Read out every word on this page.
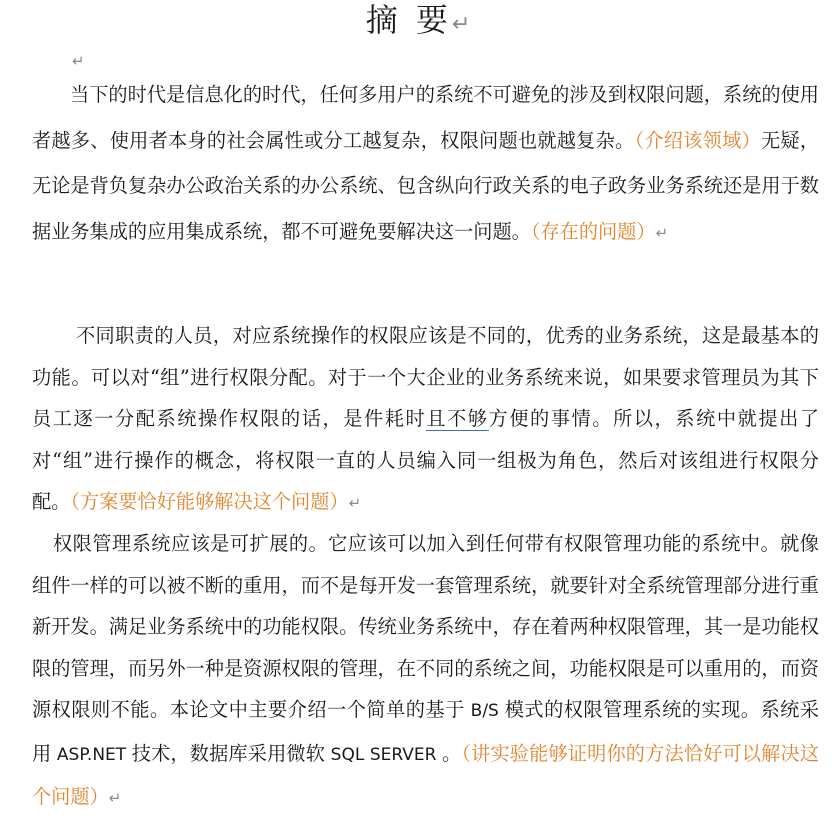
摘 要↵
↵

当下的时代是信息化的时代，任何多用户的系统不可避免的涉及到权限问题，系统的使用者越多、使用者本身的社会属性或分工越复杂，权限问题也就越复杂。（介绍该领域）无疑，无论是背负复杂办公政治关系的办公系统、包含纵向行政关系的电子政务业务系统还是用于数据业务集成的应用集成系统，都不可避免要解决这一问题。（存在的问题）↵

不同职责的人员，对应系统操作的权限应该是不同的，优秀的业务系统，这是最基本的功能。可以对“组”进行权限分配。对于一个大企业的业务系统来说，如果要求管理员为其下员工逐一分配系统操作权限的话，是件耗时且不够方便的事情。所以，系统中就提出了对“组”进行操作的概念，将权限一直的人员编入同一组极为角色，然后对该组进行权限分配。（方案要恰好能够解决这个问题）↵

权限管理系统应该是可扩展的。它应该可以加入到任何带有权限管理功能的系统中。就像组件一样的可以被不断的重用，而不是每开发一套管理系统，就要针对全系统管理部分进行重新开发。满足业务系统中的功能权限。传统业务系统中，存在着两种权限管理，其一是功能权限的管理，而另外一种是资源权限的管理，在不同的系统之间，功能权限是可以重用的，而资源权限则不能。本论文中主要介绍一个简单的基于 B/S 模式的权限管理系统的实现。系统采用 ASP.NET 技术，数据库采用微软 SQL SERVER 。（讲实验能够证明你的方法恰好可以解决这个问题）↵
